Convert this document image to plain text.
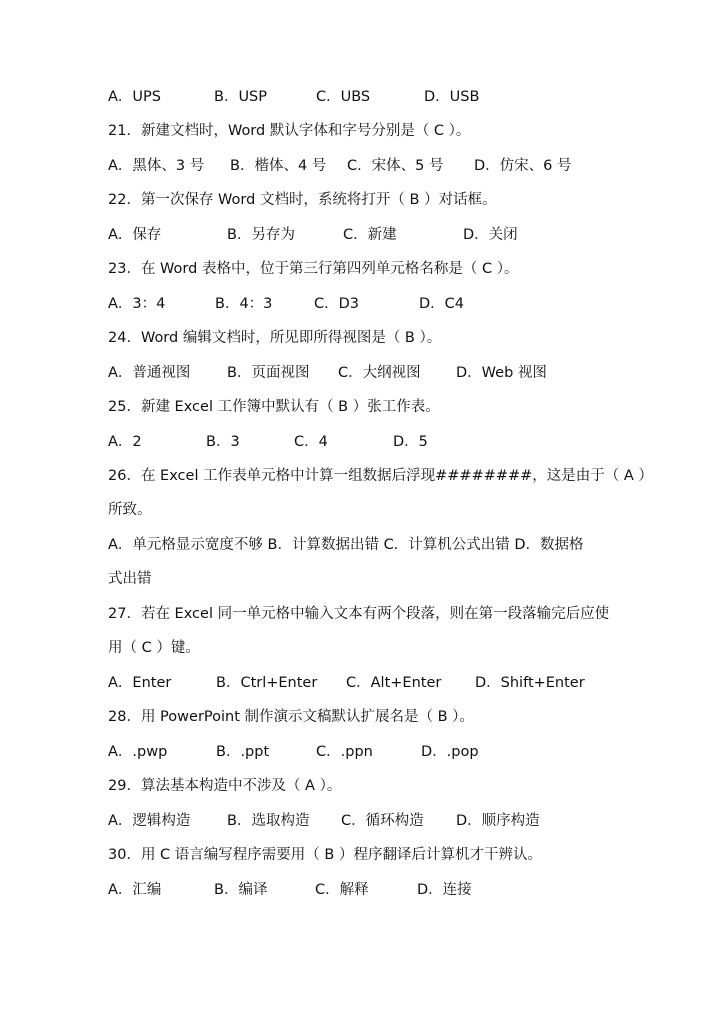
A．UPS	B．USP	C．UBS	D．USB
21．新建文档时，Word 默认字体和字号分别是（ C ）。
A．黑体、3 号 B．楷体、4 号 C．宋体、5 号 D．仿宋、6 号
22．第一次保存 Word 文档时，系统将打开（ B ）对话框。
A．保存	B．另存为	C．新建	D．关闭
23．在 Word 表格中，位于第三行第四列单元格名称是（ C ）。
A．3：4	B．4：3	C．D3	D．C4
24．Word 编辑文档时，所见即所得视图是（ B ）。
A．普通视图	B．页面视图 C．大纲视图 D．Web 视图
25．新建 Excel 工作簿中默认有（ B ）张工作表。
A．2	B．3	C．4	D．5
26．在 Excel 工作表单元格中计算一组数据后浮现########，这是由于（ A ）
所致。
A．单元格显示宽度不够 B．计算数据出错 C．计算机公式出错 D．数据格
式出错
27．若在 Excel 同一单元格中输入文本有两个段落，则在第一段落输完后应使
用（ C ）键。
A．Enter	B．Ctrl+Enter C．Alt+Enter D．Shift+Enter
28．用 PowerPoint 制作演示文稿默认扩展名是（ B ）。
A．.pwp	B．.ppt	C．.ppn	D．.pop
29．算法基本构造中不涉及（ A ）。
A．逻辑构造	B．选取构造 C．循环构造 D．顺序构造
30．用 C 语言编写程序需要用（ B ）程序翻译后计算机才干辨认。
A．汇编	B．编译	C．解释	D．连接
